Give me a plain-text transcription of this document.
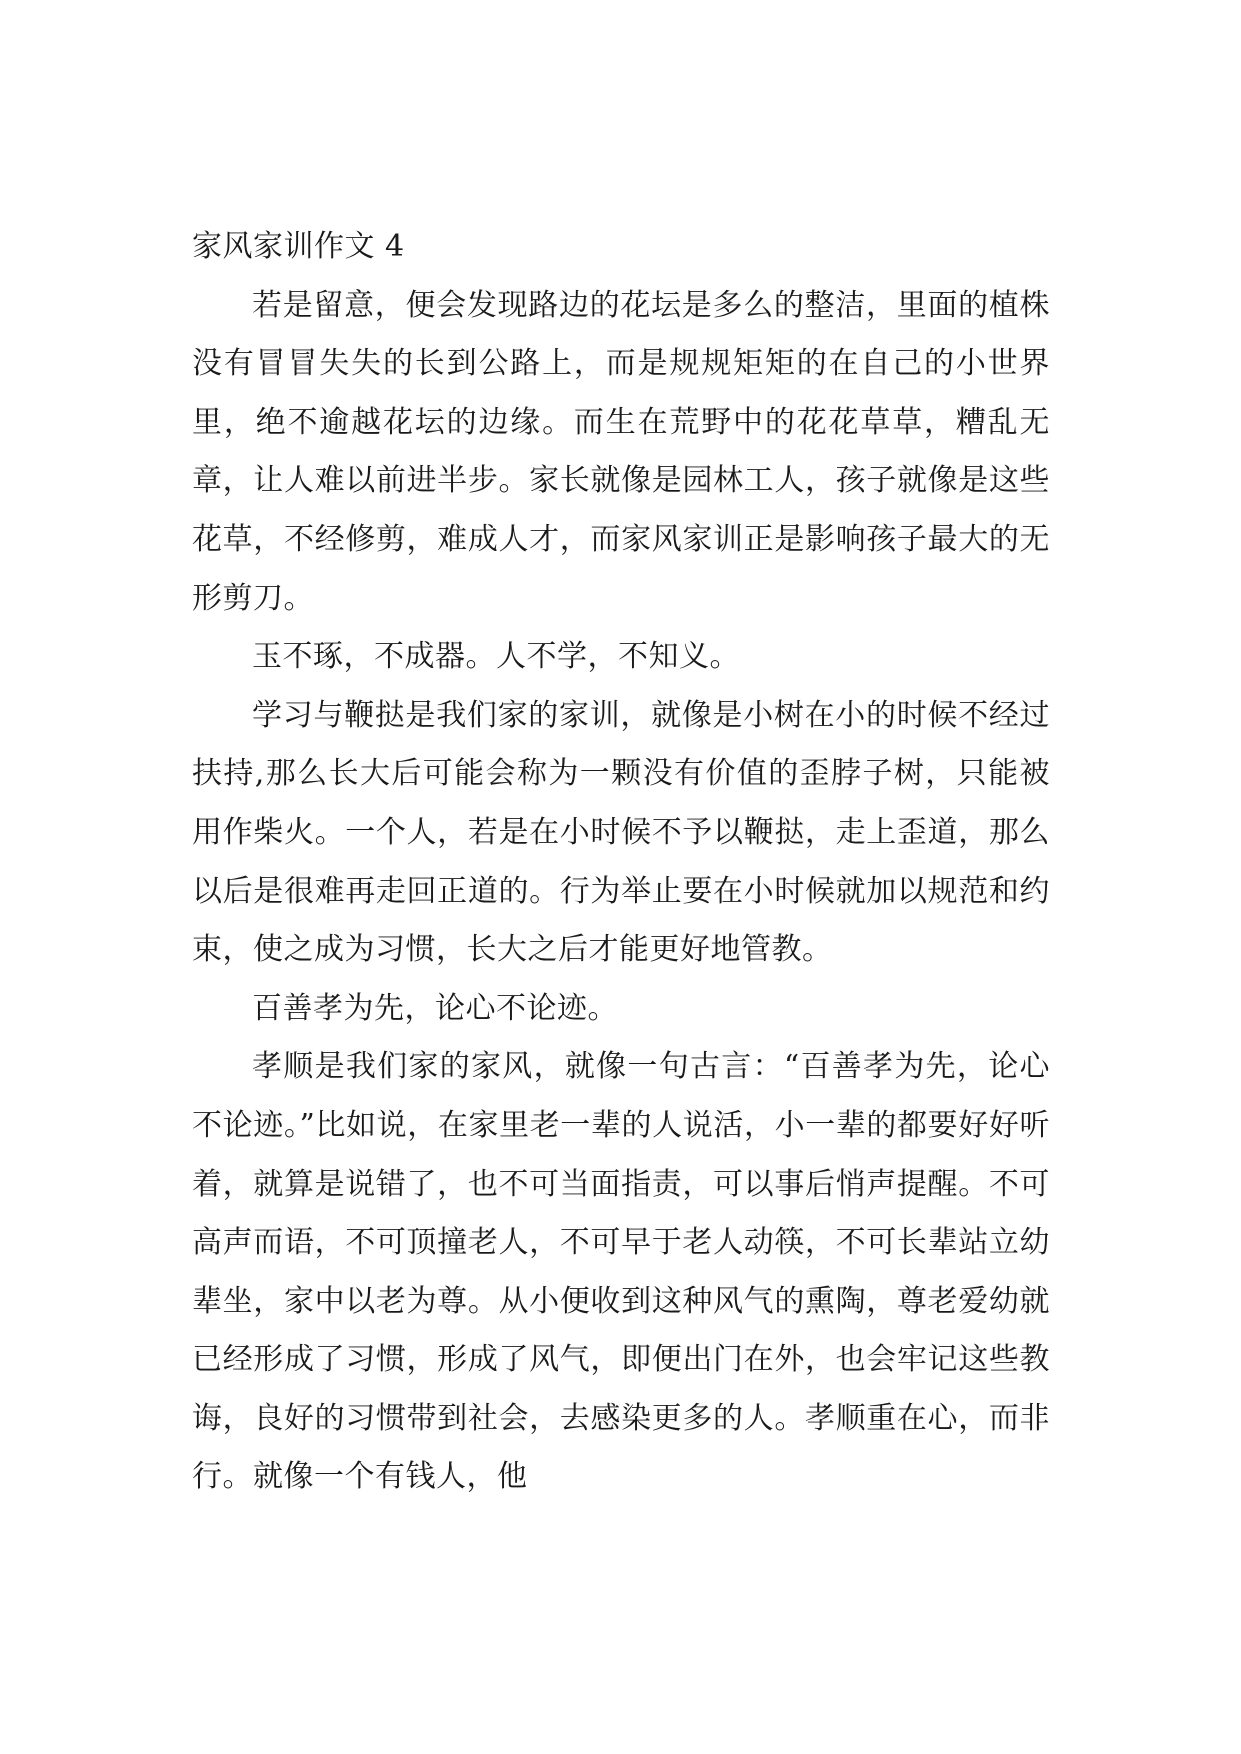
家风家训作文 4

若是留意，便会发现路边的花坛是多么的整洁，里面的植株没有冒冒失失的长到公路上，而是规规矩矩的在自己的小世界里，绝不逾越花坛的边缘。而生在荒野中的花花草草，糟乱无章，让人难以前进半步。家长就像是园林工人，孩子就像是这些花草，不经修剪，难成人才，而家风家训正是影响孩子最大的无形剪刀。

玉不琢，不成器。人不学，不知义。

学习与鞭挞是我们家的家训，就像是小树在小的时候不经过扶持,那么长大后可能会称为一颗没有价值的歪脖子树，只能被用作柴火。一个人，若是在小时候不予以鞭挞，走上歪道，那么以后是很难再走回正道的。行为举止要在小时候就加以规范和约束，使之成为习惯，长大之后才能更好地管教。

百善孝为先，论心不论迹。

孝顺是我们家的家风，就像一句古言：“百善孝为先，论心不论迹。”比如说，在家里老一辈的人说活，小一辈的都要好好听着，就算是说错了，也不可当面指责，可以事后悄声提醒。不可高声而语，不可顶撞老人，不可早于老人动筷，不可长辈站立幼辈坐，家中以老为尊。从小便收到这种风气的熏陶，尊老爱幼就已经形成了习惯，形成了风气，即便出门在外，也会牢记这些教诲，良好的习惯带到社会，去感染更多的人。孝顺重在心，而非行。就像一个有钱人，他
